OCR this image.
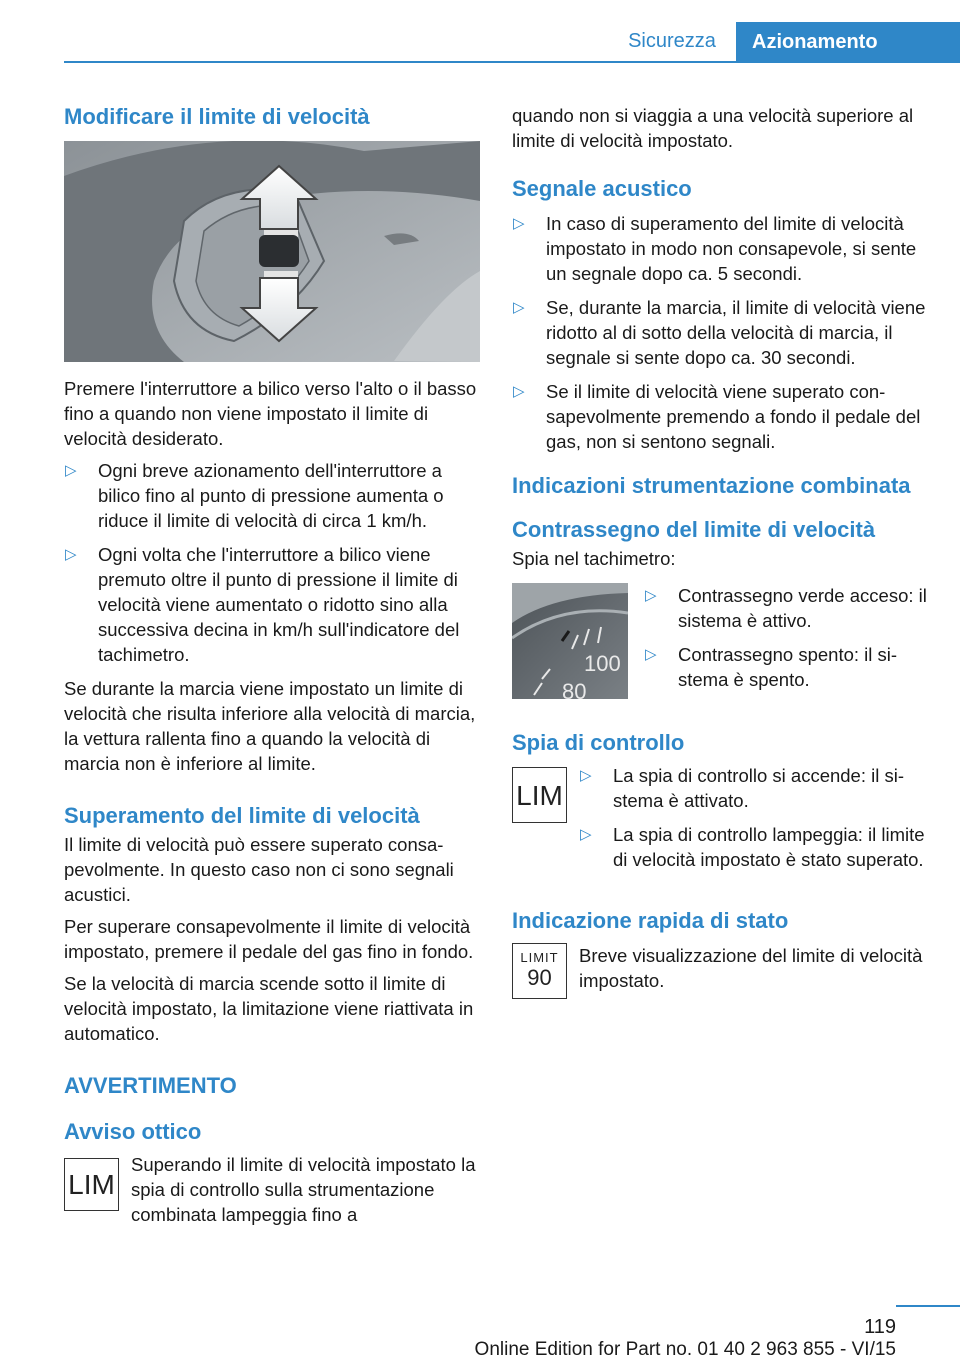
Sicurezza	Azionamento
Modificare il limite di velocità

Premere l'interruttore a bilico verso l'alto o il basso fino a quando non viene impostato il limite di velocità desiderato.

▷ Ogni breve azionamento dell'interruttore a bilico fino al punto di pressione aumenta o riduce il limite di velocità di circa 1 km/h.
▷ Ogni volta che l'interruttore a bilico viene premuto oltre il punto di pressione il limite di velocità viene aumentato o ridotto sino alla successiva decina in km/h sull'indicatore del tachimetro.

Se durante la marcia viene impostato un limite di velocità che risulta inferiore alla velocità di marcia, la vettura rallenta fino a quando la velocità di marcia non è inferiore al limite.

Superamento del limite di velocità

Il limite di velocità può essere superato consapevolmente. In questo caso non ci sono segnali acustici.

Per superare consapevolmente il limite di velocità impostato, premere il pedale del gas fino in fondo.

Se la velocità di marcia scende sotto il limite di velocità impostato, la limitazione viene riattivata in automatico.

AVVERTIMENTO
Avviso ottico
LIM

Superando il limite di velocità impostato la spia di controllo sulla strumentazione combinata lampeggia fino a

quando non si viaggia a una velocità superiore al limite di velocità impostato.

Segnale acustico
▷ In caso di superamento del limite di velocità impostato in modo non consapevole, si sente un segnale dopo ca. 5 secondi.
▷ Se, durante la marcia, il limite di velocità viene ridotto al di sotto della velocità di marcia, il segnale si sente dopo ca. 30 secondi.
▷ Se il limite di velocità viene superato consapevolmente premendo a fondo il pedale del gas, non si sentono segnali.
Indicazioni strumentazione combinata
Contrassegno del limite di velocità

Spia nel tachimetro:

100
80
▷ Contrassegno verde acceso: il sistema è attivo.
▷ Contrassegno spento: il sistema è spento.
Spia di controllo
LIM
▷ La spia di controllo si accende: il sistema è attivato.
▷ La spia di controllo lampeggia: il limite di velocità impostato è stato superato.
Indicazione rapida di stato
LIMIT
90

Breve visualizzazione del limite di velocità impostato.

119
Online Edition for Part no. 01 40 2 963 855 - VI/15
